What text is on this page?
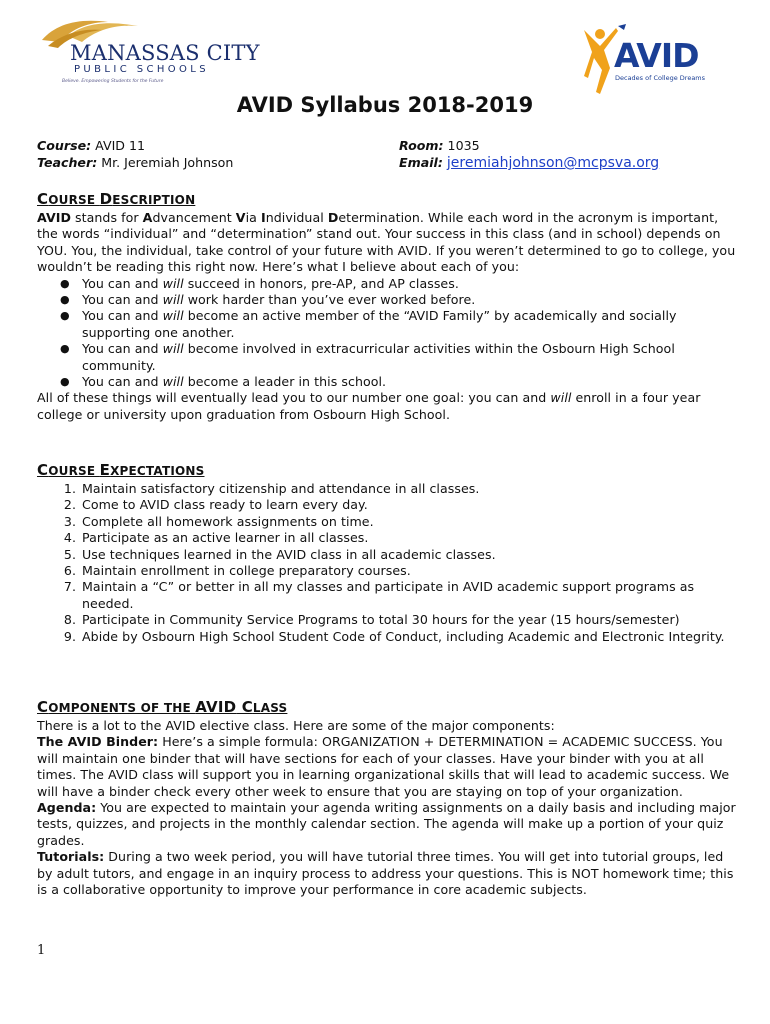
MANASSAS CITY
PUBLIC SCHOOLS
Believe. Empowering Students for the Future
AVID
Decades of College Dreams
AVID Syllabus 2018-2019
Course: AVID 11
Teacher: Mr. Jeremiah Johnson
Room: 1035
Email: jeremiahjohnson@mcpsva.org
COURSE DESCRIPTION

AVID stands for Advancement Via Individual Determination. While each word in the acronym is important, the words “individual” and “determination” stand out. Your success in this class (and in school) depends on YOU. You, the individual, take control of your future with AVID. If you weren’t determined to go to college, you wouldn’t be reading this right now. Here’s what I believe about each of you:

● You can and will succeed in honors, pre-AP, and AP classes.
● You can and will work harder than you’ve ever worked before.
● You can and will become an active member of the “AVID Family” by academically and socially supporting one another.
● You can and will become involved in extracurricular activities within the Osbourn High School community.
● You can and will become a leader in this school.

All of these things will eventually lead you to our number one goal: you can and will enroll in a four year college or university upon graduation from Osbourn High School.

COURSE EXPECTATIONS
1. Maintain satisfactory citizenship and attendance in all classes.
2. Come to AVID class ready to learn every day.
3. Complete all homework assignments on time.
4. Participate as an active learner in all classes.
5. Use techniques learned in the AVID class in all academic classes.
6. Maintain enrollment in college preparatory courses.
7. Maintain a “C” or better in all my classes and participate in AVID academic support programs as needed.
8. Participate in Community Service Programs to total 30 hours for the year (15 hours/semester)
9. Abide by Osbourn High School Student Code of Conduct, including Academic and Electronic Integrity.
COMPONENTS OF THE AVID CLASS

There is a lot to the AVID elective class. Here are some of the major components:

The AVID Binder: Here’s a simple formula: ORGANIZATION + DETERMINATION = ACADEMIC SUCCESS. You will maintain one binder that will have sections for each of your classes. Have your binder with you at all times. The AVID class will support you in learning organizational skills that will lead to academic success. We will have a binder check every other week to ensure that you are staying on top of your organization.

Agenda: You are expected to maintain your agenda writing assignments on a daily basis and including major tests, quizzes, and projects in the monthly calendar section. The agenda will make up a portion of your quiz grades.

Tutorials: During a two week period, you will have tutorial three times. You will get into tutorial groups, led by adult tutors, and engage in an inquiry process to address your questions. This is NOT homework time; this is a collaborative opportunity to improve your performance in core academic subjects.

1
